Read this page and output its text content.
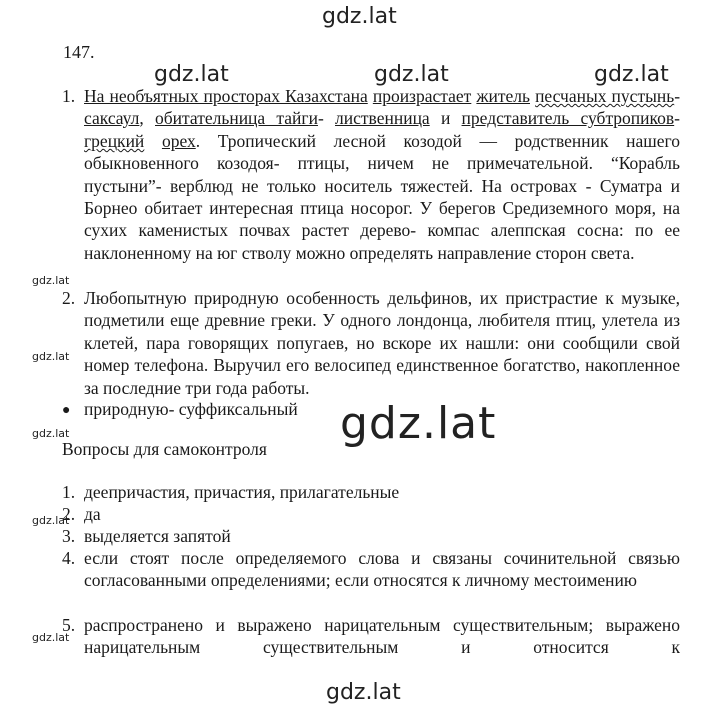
gdz.lat
gdz.lat	gdz.lat	gdz.lat
gdz.lat
gdz.lat
gdz.lat
gdz.lat
gdz.lat
gdz.lat
gdz.lat
147.
1. На необъятных просторах Казахстана произрастает житель песчаных пустынь- саксаул, обитательница тайги- лиственница и представитель субтропиков- грецкий орех. Тропический лесной козодой — родственник нашего обыкновенного козодоя- птицы, ничем не примечательной. “Корабль пустыни”- верблюд не только носитель тяжестей. На островах - Суматра и Борнео обитает интересная птица носорог. У берегов Средиземного моря, на сухих каменистых почвах растет дерево- компас алеппская сосна: по ее наклоненному на юг стволу можно определять направление сторон света.

2. Любопытную природную особенность дельфинов, их пристрастие к музыке, подметили еще древние греки. У одного лондонца, любителя птиц, улетела из клетей, пара говорящих попугаев, но вскоре их нашли: они сообщили свой номер телефона. Выручил его велосипед единственное богатство, накопленное за последние три года работы.

● природную- суффиксальный
Вопросы для самоконтроля
1. деепричастия, причастия, прилагательные
2. да
3. выделяется запятой
4. если стоят после определяемого слова и связаны сочинительной связью согласованными определениями; если относятся к личному местоимению

5. распространено и выражено нарицательным существительным; выражено нарицательным существительным и относится к
